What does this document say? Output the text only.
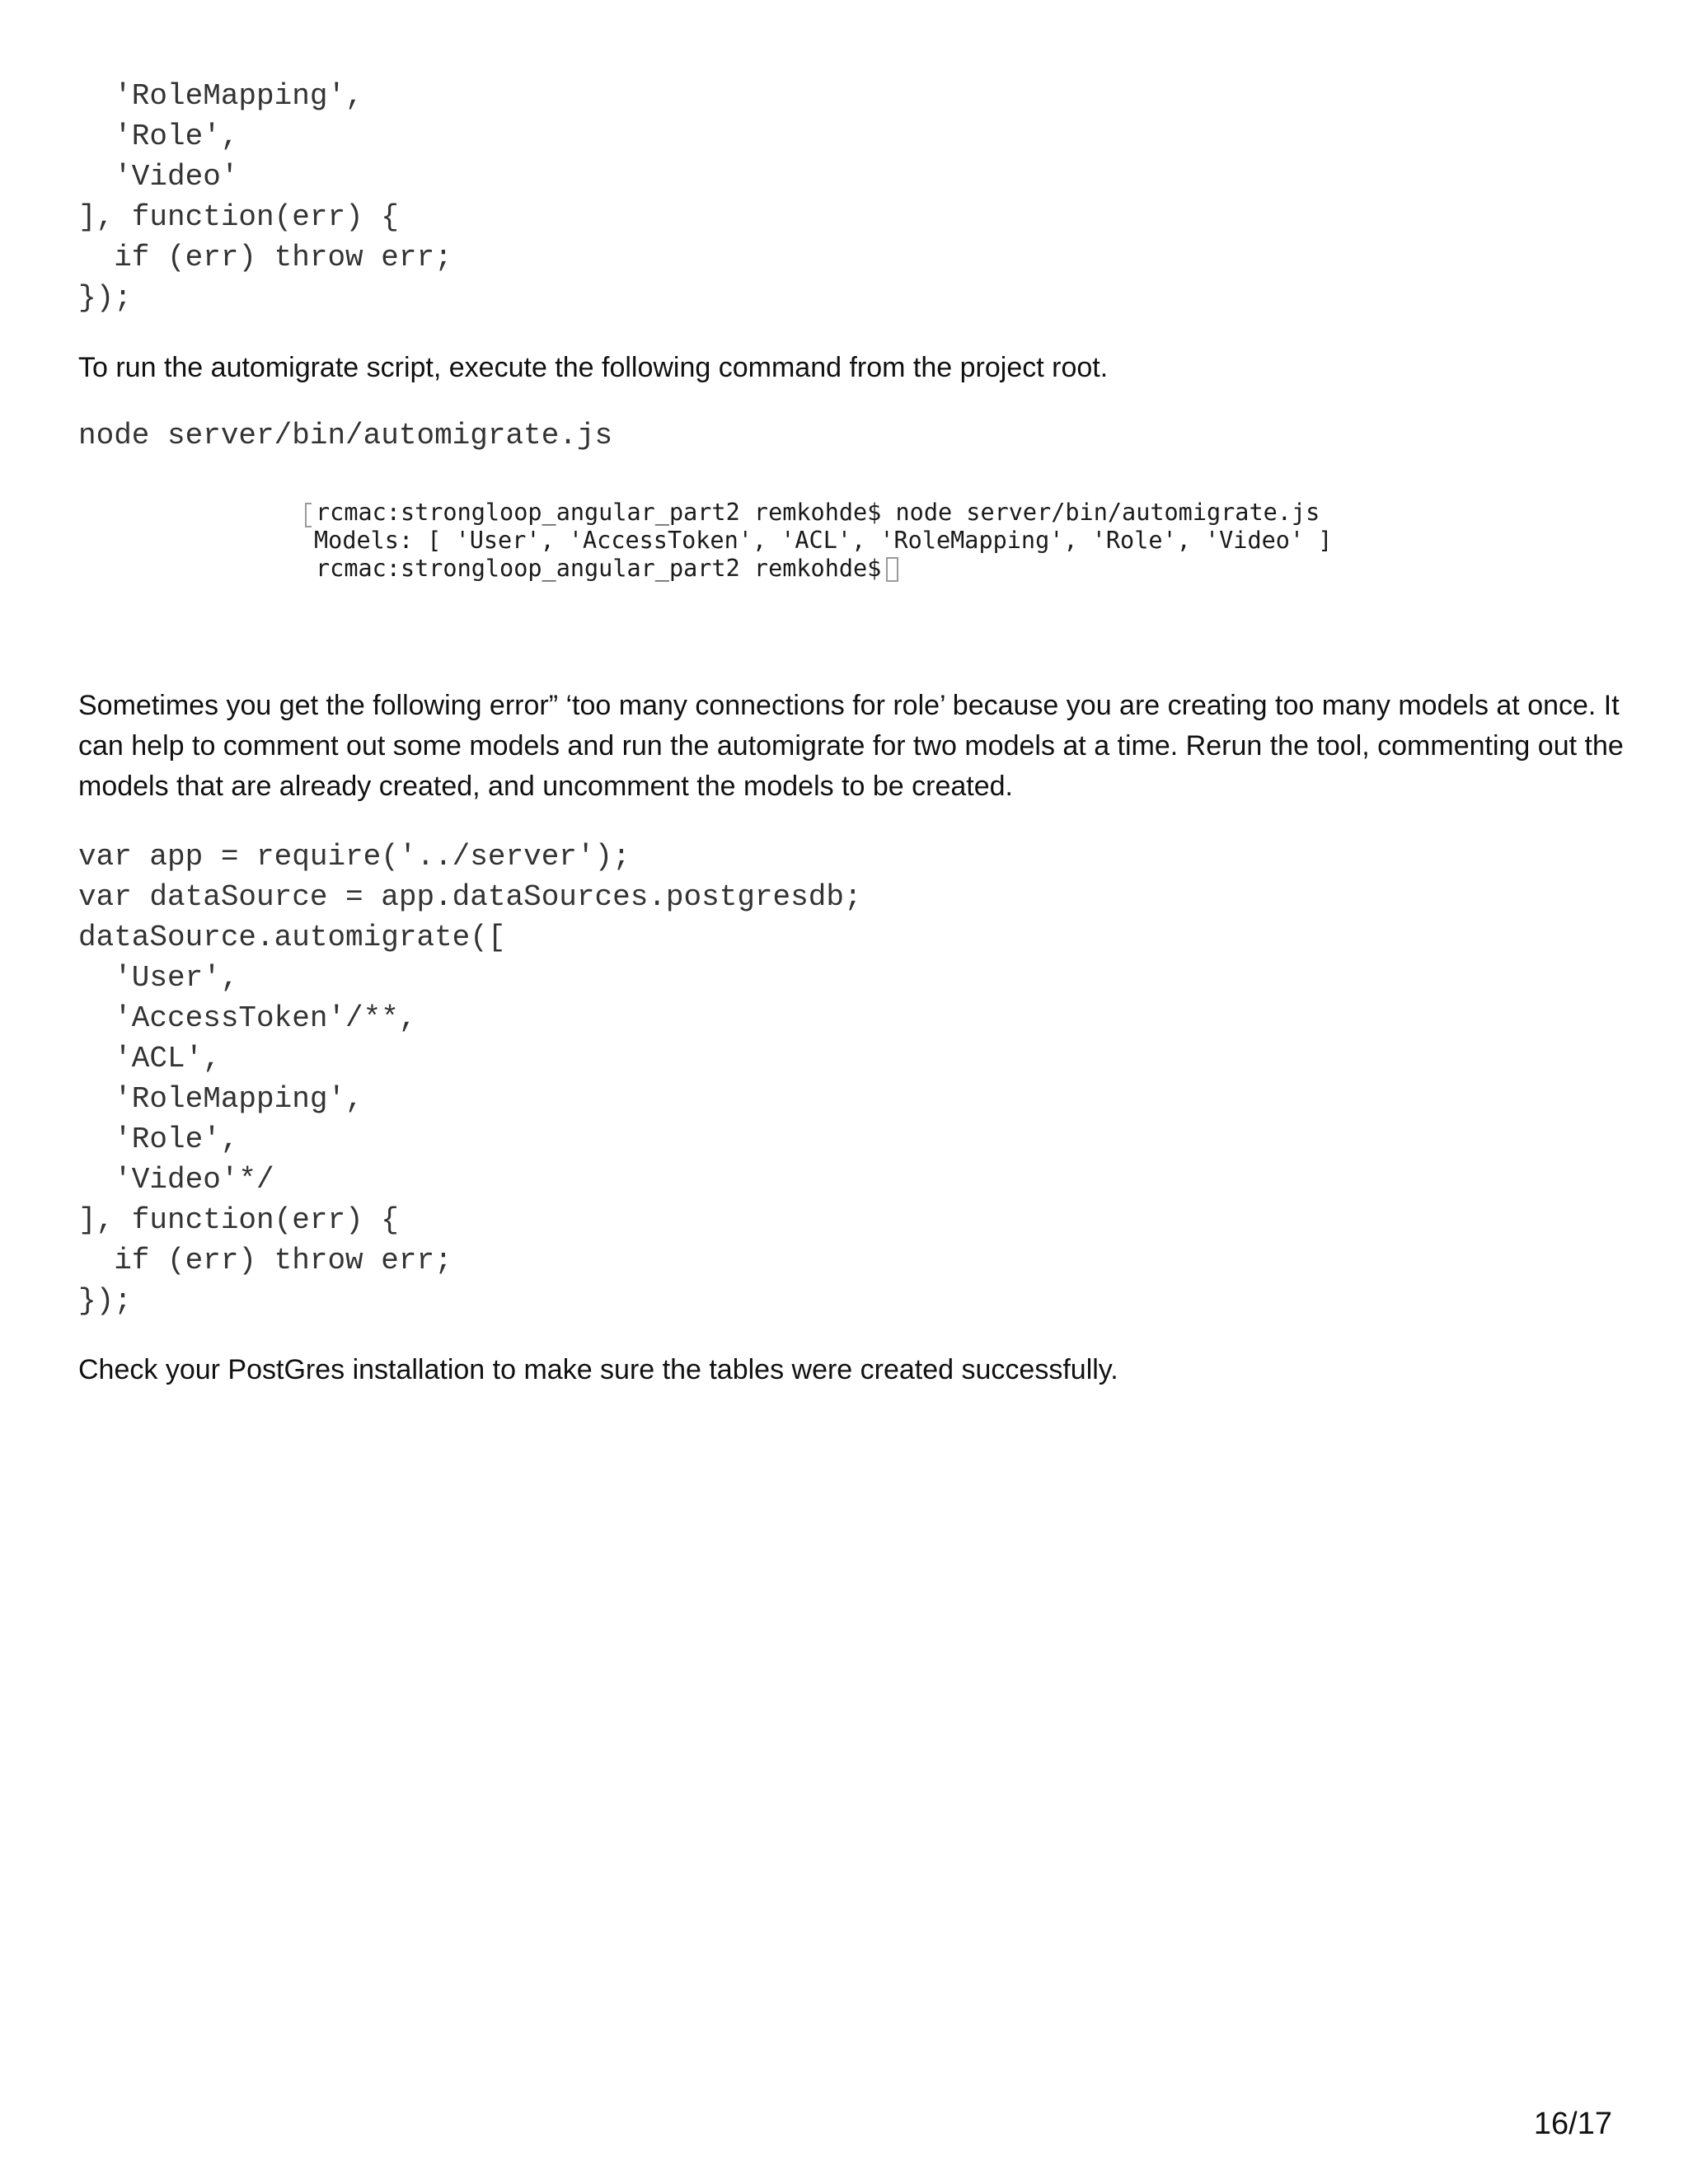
'RoleMapping',
'Role',
'Video'
], function(err) {
if (err) throw err;
});

To run the automigrate script, execute the following command from the project root.

node server/bin/automigrate.js
rcmac:strongloop_angular_part2 remkohde$ node server/bin/automigrate.js
Models: [ 'User', 'AccessToken', 'ACL', 'RoleMapping', 'Role', 'Video' ]
rcmac:strongloop_angular_part2 remkohde$

Sometimes you get the following error” ‘too many connections for role’ because you are creating too many models at once. It can help to comment out some models and run the automigrate for two models at a time. Rerun the tool, commenting out the models that are already created, and uncomment the models to be created.

var app = require('../server');
var dataSource = app.dataSources.postgresdb;
dataSource.automigrate([
'User',
'AccessToken'/**,
'ACL',
'RoleMapping',
'Role',
'Video'*/
], function(err) {
if (err) throw err;
});

Check your PostGres installation to make sure the tables were created successfully.

16/17
